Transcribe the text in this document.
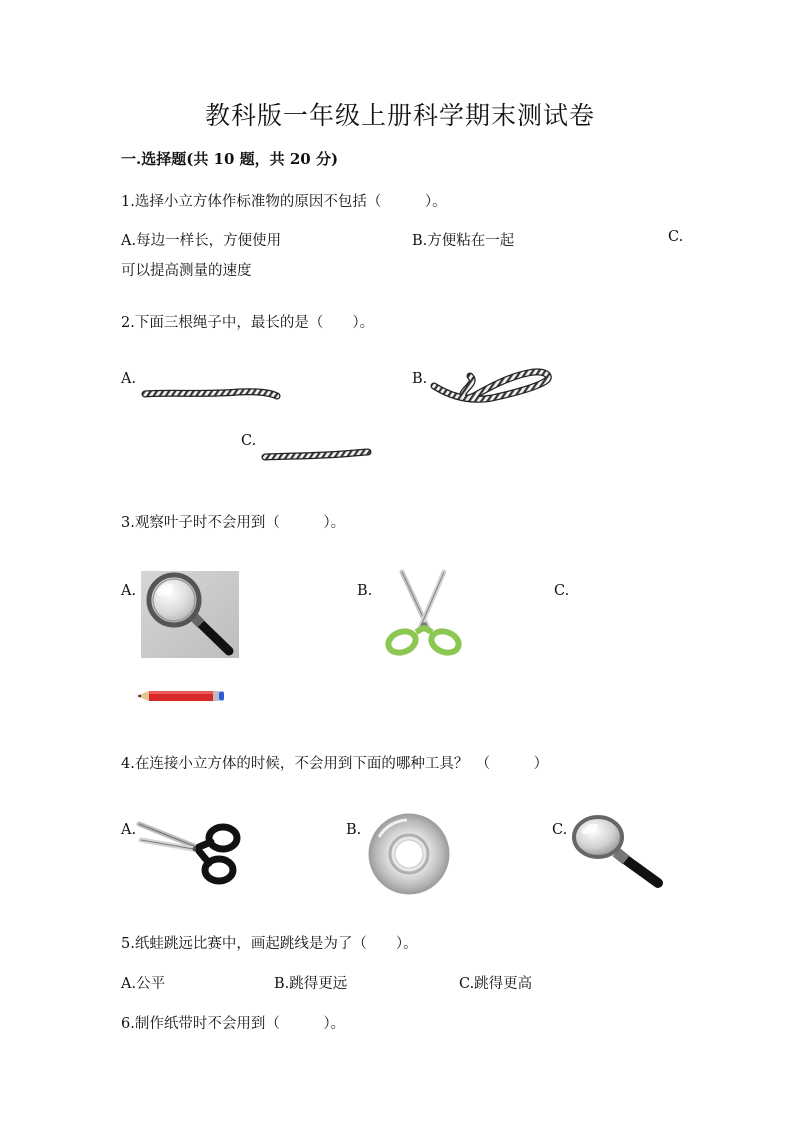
教科版一年级上册科学期末测试卷
一.选择题(共 10 题，共 20 分)
1.选择小立方体作标准物的原因不包括（　　　）。
A.每边一样长，方便使用	B.方便粘在一起	C.
可以提高测量的速度
2.下面三根绳子中，最长的是（　　）。
A.	B.
C.
3.观察叶子时不会用到（　　　）。
A.	B.	C.
4.在连接小立方体的时候，不会用到下面的哪种工具？　（　　　）
A.	B.	C.
5.纸蛙跳远比赛中，画起跳线是为了（　　）。
A.公平	B.跳得更远	C.跳得更高
6.制作纸带时不会用到（　　　）。
